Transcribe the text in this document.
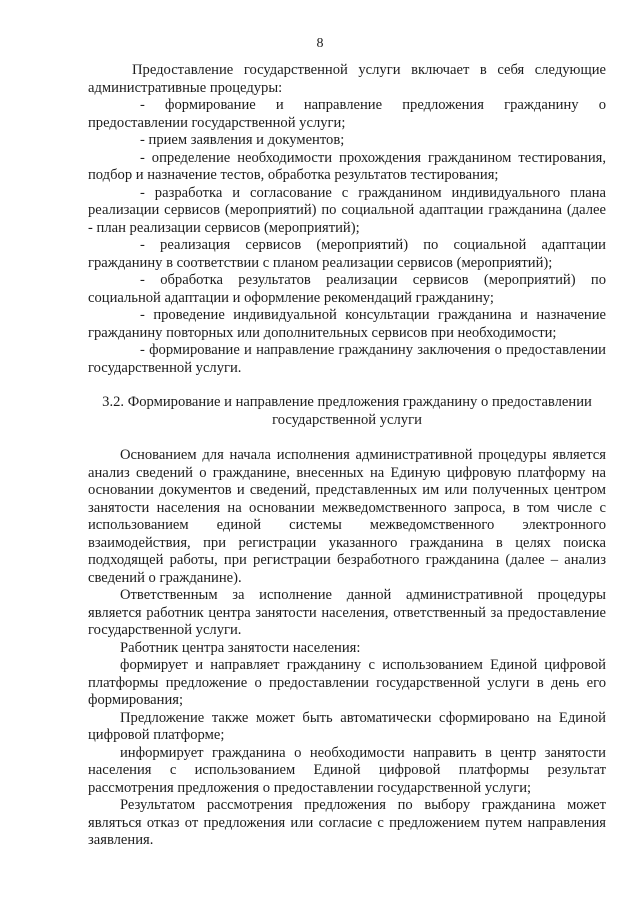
8

Предоставление государственной услуги включает в себя следующие административные процедуры:

- формирование и направление предложения гражданину о предоставлении государственной услуги;

- прием заявления и документов;

- определение необходимости прохождения гражданином тестирования, подбор и назначение тестов, обработка результатов тестирования;

- разработка и согласование с гражданином индивидуального плана реализации сервисов (мероприятий) по социальной адаптации гражданина (далее - план реализации сервисов (мероприятий);

- реализация сервисов (мероприятий) по социальной адаптации гражданину в соответствии с планом реализации сервисов (мероприятий);

- обработка результатов реализации сервисов (мероприятий) по социальной адаптации и оформление рекомендаций гражданину;

- проведение индивидуальной консультации гражданина и назначение гражданину повторных или дополнительных сервисов при необходимости;

- формирование и направление гражданину заключения о предоставлении государственной услуги.

3.2. Формирование и направление предложения гражданину о предоставлении государственной услуги

Основанием для начала исполнения административной процедуры является анализ сведений о гражданине, внесенных на Единую цифровую платформу на основании документов и сведений, представленных им или полученных центром занятости населения на основании межведомственного запроса, в том числе с использованием единой системы межведомственного электронного взаимодействия, при регистрации указанного гражданина в целях поиска подходящей работы, при регистрации безработного гражданина (далее – анализ сведений о гражданине).

Ответственным за исполнение данной административной процедуры является работник центра занятости населения, ответственный за предоставление государственной услуги.

Работник центра занятости населения:

формирует и направляет гражданину с использованием Единой цифровой платформы предложение о предоставлении государственной услуги в день его формирования;

Предложение также может быть автоматически сформировано на Единой цифровой платформе;

информирует гражданина о необходимости направить в центр занятости населения с использованием Единой цифровой платформы результат рассмотрения предложения о предоставлении государственной услуги;

Результатом рассмотрения предложения по выбору гражданина может являться отказ от предложения или согласие с предложением путем направления заявления.
